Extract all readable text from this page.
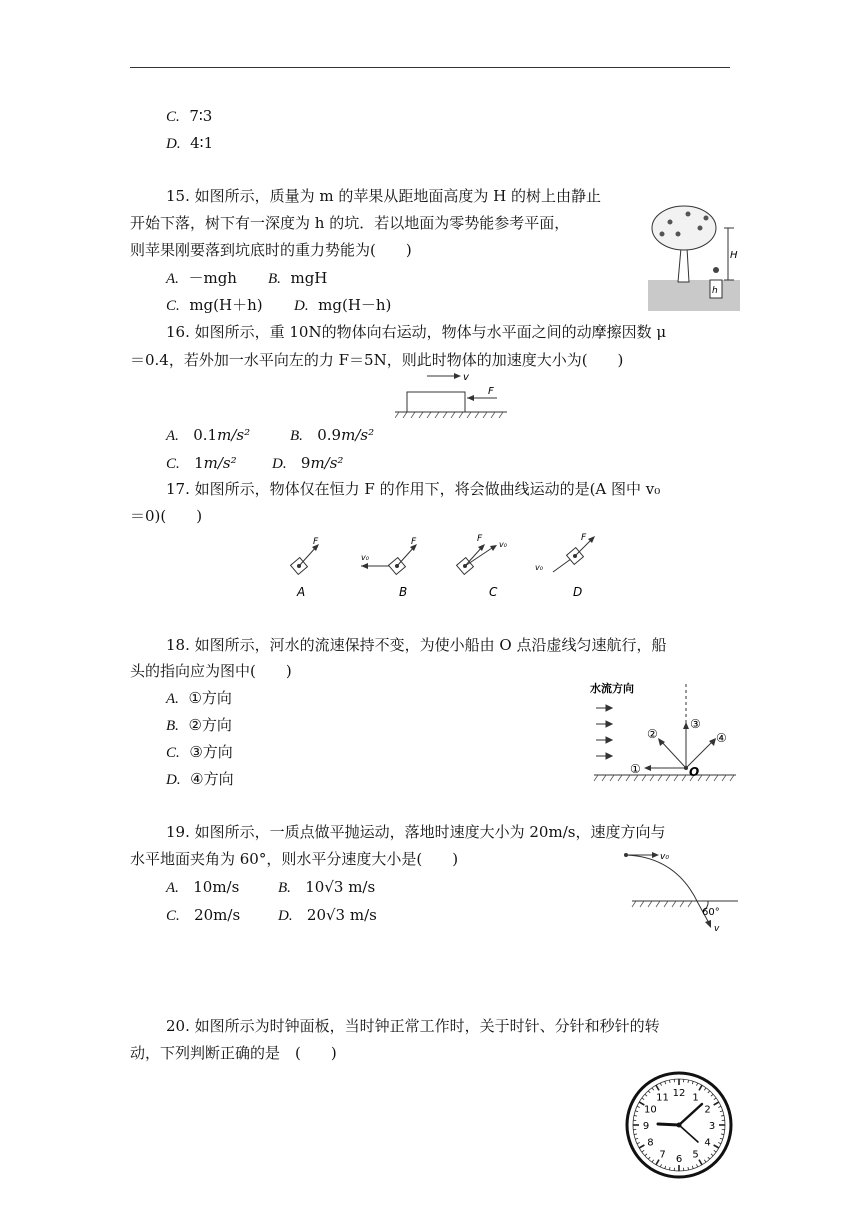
C. 7∶3
D. 4∶1
15. 如图所示，质量为 m 的苹果从距地面高度为 H 的树上由静止
开始下落，树下有一深度为 h 的坑．若以地面为零势能参考平面，
则苹果刚要落到坑底时的重力势能为(　　)
A. －mgh B. mgH
C. mg(H＋h) D. mg(H－h)
H
h
16. 如图所示，重 10N的物体向右运动，物体与水平面之间的动摩擦因数 μ
＝0.4，若外加一水平向左的力 F＝5N，则此时物体的加速度大小为(　　)
v
F
A. 0.1m/s²	B. 0.9m/s²
C. 1m/s² D. 9m/s²
17. 如图所示，物体仅在恒力 F 的作用下，将会做曲线运动的是(A 图中 v₀
＝0)(　　)
F
A
v₀
F
B
F
v₀
C
F
v₀
D
18. 如图所示，河水的流速保持不变，为使小船由 O 点沿虚线匀速航行，船
头的指向应为图中(　　)
A. ①方向
B. ②方向
C. ③方向
D. ④方向
水流方向
①
②
③
④
O
19. 如图所示，一质点做平抛运动，落地时速度大小为 20m/s，速度方向与
水平地面夹角为 60°，则水平分速度大小是(　　)
A. 10m/s	B. 10√3 m/s
C. 20m/s	D. 20√3 m/s
v₀
60°
v
20. 如图所示为时钟面板，当时钟正常工作时，关于时针、分针和秒针的转
动，下列判断正确的是　(　　)
12 1
2
3
4
5
6
7
8
9
10
11
